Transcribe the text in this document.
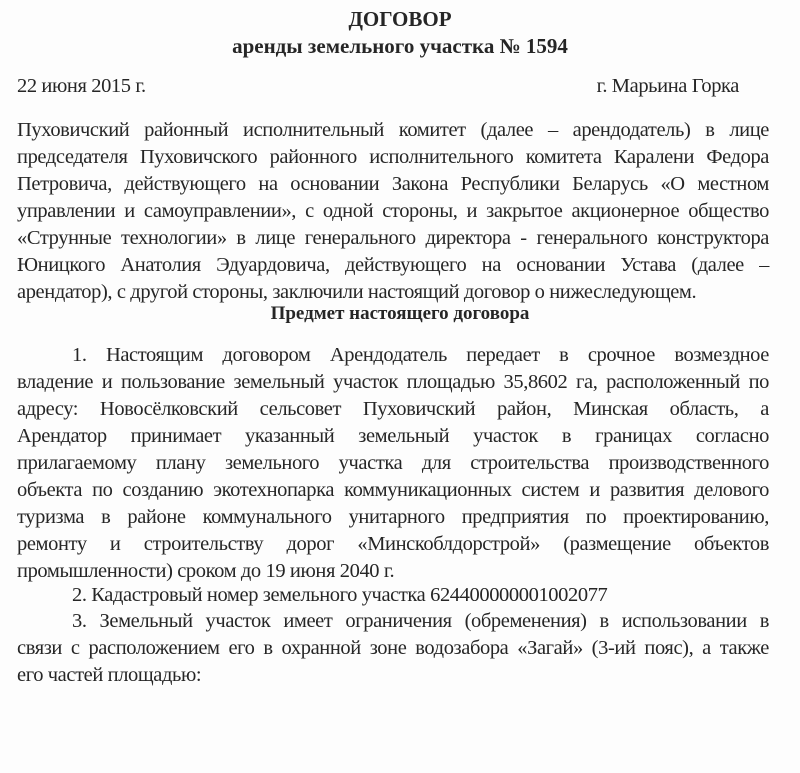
ДОГОВОР
аренды земельного участка № 1594
22 июня 2015 г.	г. Марьина Горка
Пуховичский районный исполнительный комитет (далее – арендодатель) в лице
председателя Пуховичского районного исполнительного комитета Каралени Федора
Петровича, действующего на основании Закона Республики Беларусь «О местном
управлении и самоуправлении», с одной стороны, и закрытое акционерное общество
«Струнные технологии» в лице генерального директора - генерального конструктора
Юницкого Анатолия Эдуардовича, действующего на основании Устава (далее –
арендатор), с другой стороны, заключили настоящий договор о нижеследующем.
Предмет настоящего договора
1. Настоящим договором Арендодатель передает в срочное возмездное
владение и пользование земельный участок площадью 35,8602 га, расположенный по
адресу: Новосёлковский сельсовет Пуховичский район, Минская область, а
Арендатор принимает указанный земельный участок в границах согласно
прилагаемому плану земельного участка для строительства производственного
объекта по созданию экотехнопарка коммуникационных систем и развития делового
туризма в районе коммунального унитарного предприятия по проектированию,
ремонту и строительству дорог «Минскоблдорстрой» (размещение объектов
промышленности) сроком до 19 июня 2040 г.
2. Кадастровый номер земельного участка 624400000001002077
3. Земельный участок имеет ограничения (обременения) в использовании в
связи с расположением его в охранной зоне водозабора «Загай» (3-ий пояс), а также
его частей площадью:
